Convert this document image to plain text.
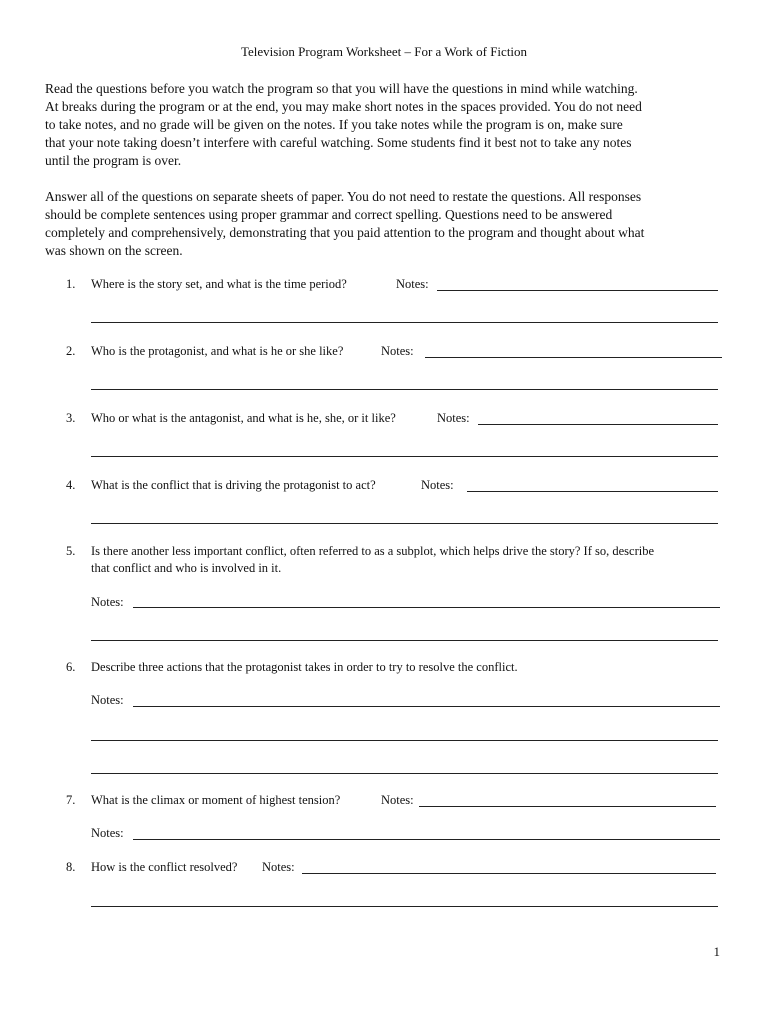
Television Program Worksheet – For a Work of Fiction

Read the questions before you watch the program so that you will have the questions in mind while watching.
At breaks during the program or at the end, you may make short notes in the spaces provided. You do not need
to take notes, and no grade will be given on the notes. If you take notes while the program is on, make sure
that your note taking doesn’t interfere with careful watching. Some students find it best not to take any notes
until the program is over.

Answer all of the questions on separate sheets of paper. You do not need to restate the questions. All responses
should be complete sentences using proper grammar and correct spelling. Questions need to be answered
completely and comprehensively, demonstrating that you paid attention to the program and thought about what
was shown on the screen.

1. Where is the story set, and what is the time period?	Notes:
2. Who is the protagonist, and what is he or she like?	Notes:
3. Who or what is the antagonist, and what is he, she, or it like?	Notes:
4. What is the conflict that is driving the protagonist to act?	Notes:
5. Is there another less important conflict, often referred to as a subplot, which helps drive the story? If so, describe
that conflict and who is involved in it.
Notes:
6. Describe three actions that the protagonist takes in order to try to resolve the conflict.
Notes:
7. What is the climax or moment of highest tension?	Notes:
Notes:
8. How is the conflict resolved? Notes:
1
